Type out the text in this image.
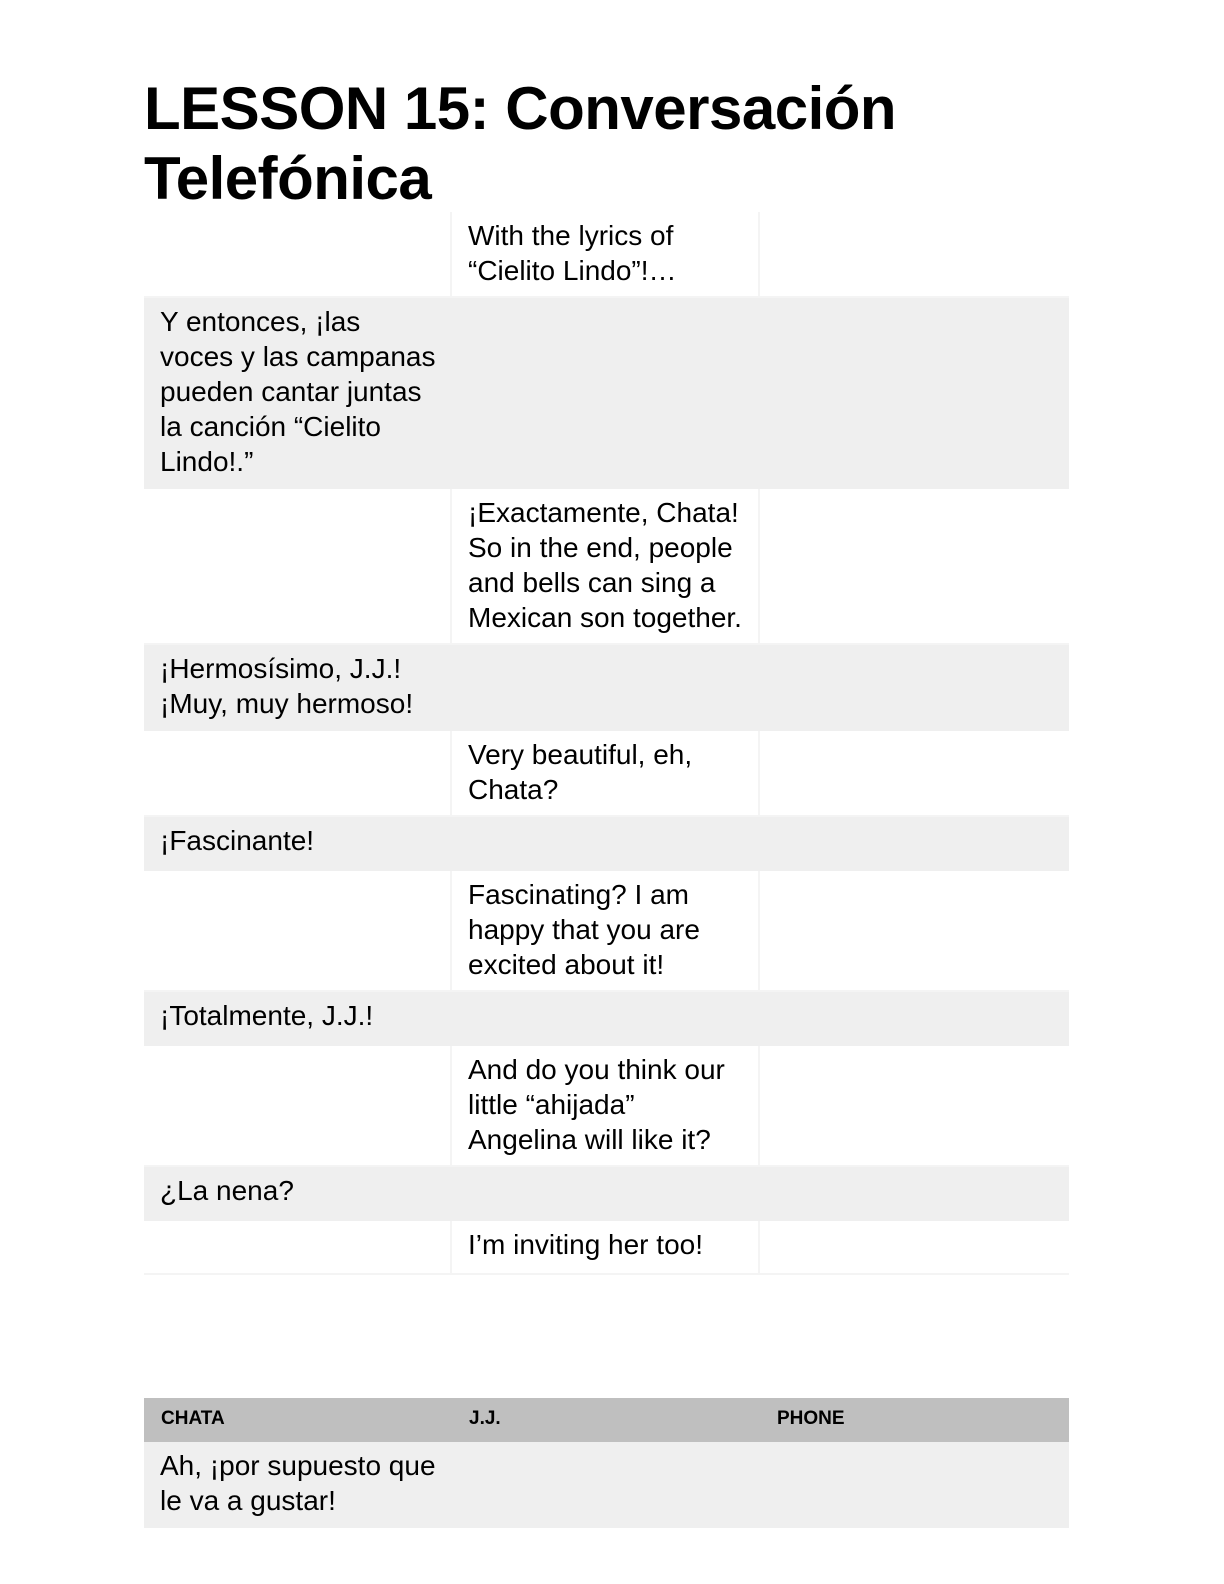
LESSON 15: Conversación Telefónica
	With the lyrics of “Cielito Lindo”!…	
Y entonces, ¡las voces y las campanas pueden cantar juntas la canción “Cielito Lindo!.”		
	¡Exactamente, Chata! So in the end, people and bells can sing a Mexican son together.	
¡Hermosísimo, J.J.! ¡Muy, muy hermoso!		
	Very beautiful, eh, Chata?	
¡Fascinante!		
	Fascinating? I am happy that you are excited about it!	
¡Totalmente, J.J.!		
	And do you think our little “ahijada” Angelina will like it?	
¿La nena?		
	I’m inviting her too!	
CHATA	J.J.	PHONE
Ah, ¡por supuesto que le va a gustar!		
